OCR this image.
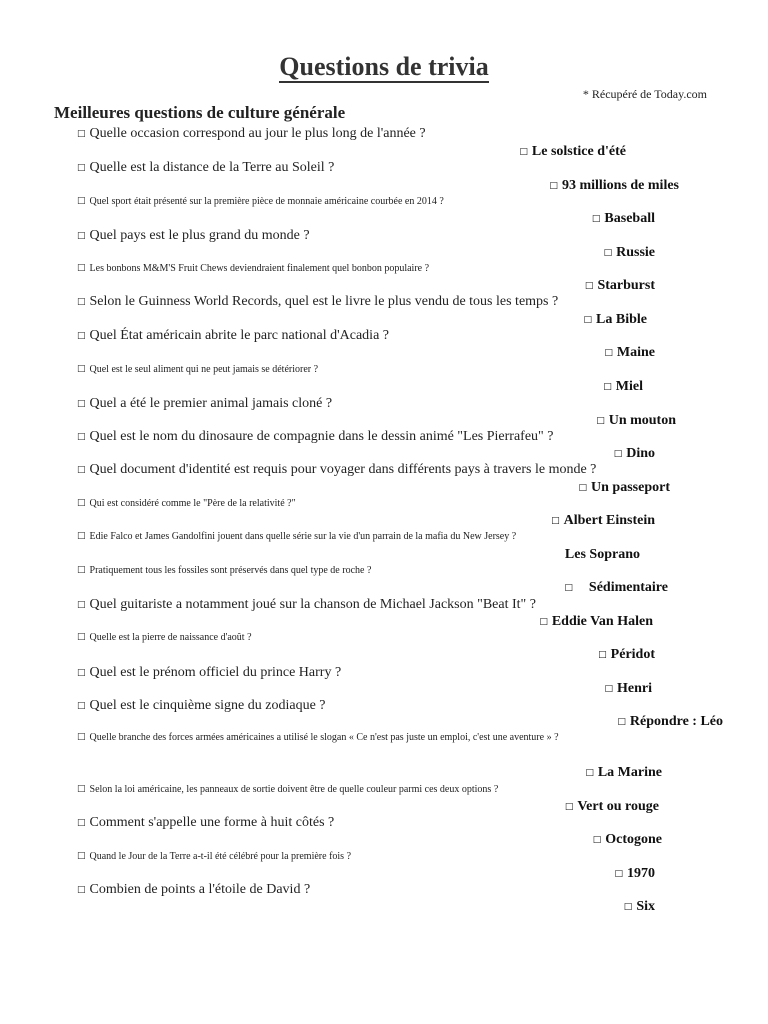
Questions de trivia
* Récupéré de Today.com
Meilleures questions de culture générale
□ Quelle occasion correspond au jour le plus long de l'année ?
□ Le solstice d'été
□ Quelle est la distance de la Terre au Soleil ?
□ 93 millions de miles
□ Quel sport était présenté sur la première pièce de monnaie américaine courbée en 2014 ?
□ Baseball
□ Quel pays est le plus grand du monde ?
□ Russie
□ Les bonbons M&M'S Fruit Chews deviendraient finalement quel bonbon populaire ?
□ Starburst
□ Selon le Guinness World Records, quel est le livre le plus vendu de tous les temps ?
□ La Bible
□ Quel État américain abrite le parc national d'Acadia ?
□ Maine
□ Quel est le seul aliment qui ne peut jamais se détériorer ?
□ Miel
□ Quel a été le premier animal jamais cloné ?
□ Un mouton
□ Quel est le nom du dinosaure de compagnie dans le dessin animé "Les Pierrafeu" ?
□ Dino
□ Quel document d'identité est requis pour voyager dans différents pays à travers le monde ?
□ Un passeport
□ Qui est considéré comme le "Père de la relativité ?"
□ Albert Einstein
□ Edie Falco et James Gandolfini jouent dans quelle série sur la vie d'un parrain de la mafia du New Jersey ?
Les Soprano
□ Pratiquement tous les fossiles sont préservés dans quel type de roche ?
□ Sédimentaire
□ Quel guitariste a notamment joué sur la chanson de Michael Jackson "Beat It" ?
□ Eddie Van Halen
□ Quelle est la pierre de naissance d'août ?
□ Péridot
□ Quel est le prénom officiel du prince Harry ?
□ Henri
□ Quel est le cinquième signe du zodiaque ?
□ Répondre : Léo
□ Quelle branche des forces armées américaines a utilisé le slogan « Ce n'est pas juste un emploi, c'est une aventure » ?
□ La Marine
□ Selon la loi américaine, les panneaux de sortie doivent être de quelle couleur parmi ces deux options ?
□ Vert ou rouge
□ Comment s'appelle une forme à huit côtés ?
□ Octogone
□ Quand le Jour de la Terre a-t-il été célébré pour la première fois ?
□ 1970
□ Combien de points a l'étoile de David ?
□ Six
